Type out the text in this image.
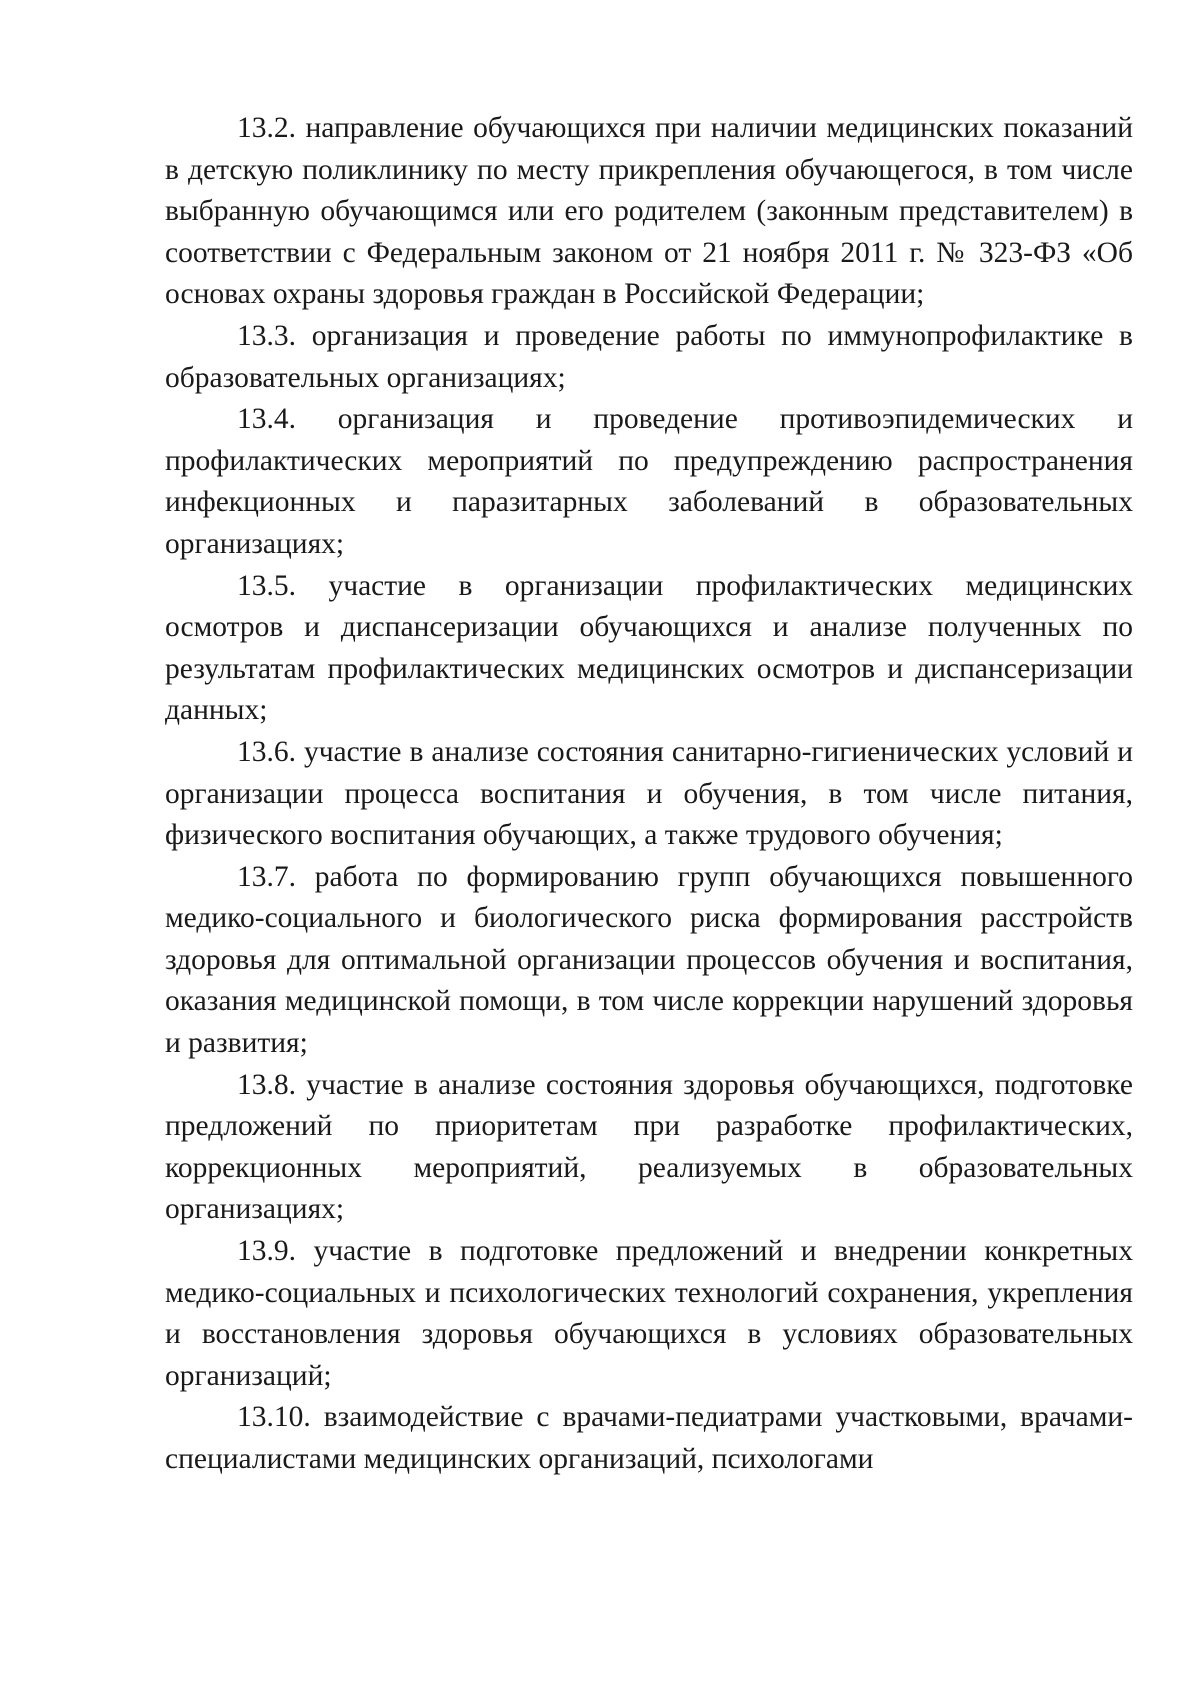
13.2. направление обучающихся при наличии медицинских показаний в детскую поликлинику по месту прикрепления обучающегося, в том числе выбранную обучающимся или его родителем (законным представителем) в соответствии с Федеральным законом от 21 ноября 2011 г. № 323-ФЗ «Об основах охраны здоровья граждан в Российской Федерации;

13.3. организация и проведение работы по иммунопрофилактике в образовательных организациях;

13.4. организация и проведение противоэпидемических и профилактических мероприятий по предупреждению распространения инфекционных и паразитарных заболеваний в образовательных организациях;

13.5. участие в организации профилактических медицинских осмотров и диспансеризации обучающихся и анализе полученных по результатам профилактических медицинских осмотров и диспансеризации данных;

13.6. участие в анализе состояния санитарно-гигиенических условий и организации процесса воспитания и обучения, в том числе питания, физического воспитания обучающих, а также трудового обучения;

13.7. работа по формированию групп обучающихся повышенного медико-социального и биологического риска формирования расстройств здоровья для оптимальной организации процессов обучения и воспитания, оказания медицинской помощи, в том числе коррекции нарушений здоровья и развития;

13.8. участие в анализе состояния здоровья обучающихся, подготовке предложений по приоритетам при разработке профилактических, коррекционных мероприятий, реализуемых в образовательных организациях;

13.9. участие в подготовке предложений и внедрении конкретных медико-социальных и психологических технологий сохранения, укрепления и восстановления здоровья обучающихся в условиях образовательных организаций;

13.10. взаимодействие с врачами-педиатрами участковыми, врачами-специалистами медицинских организаций, психологами
